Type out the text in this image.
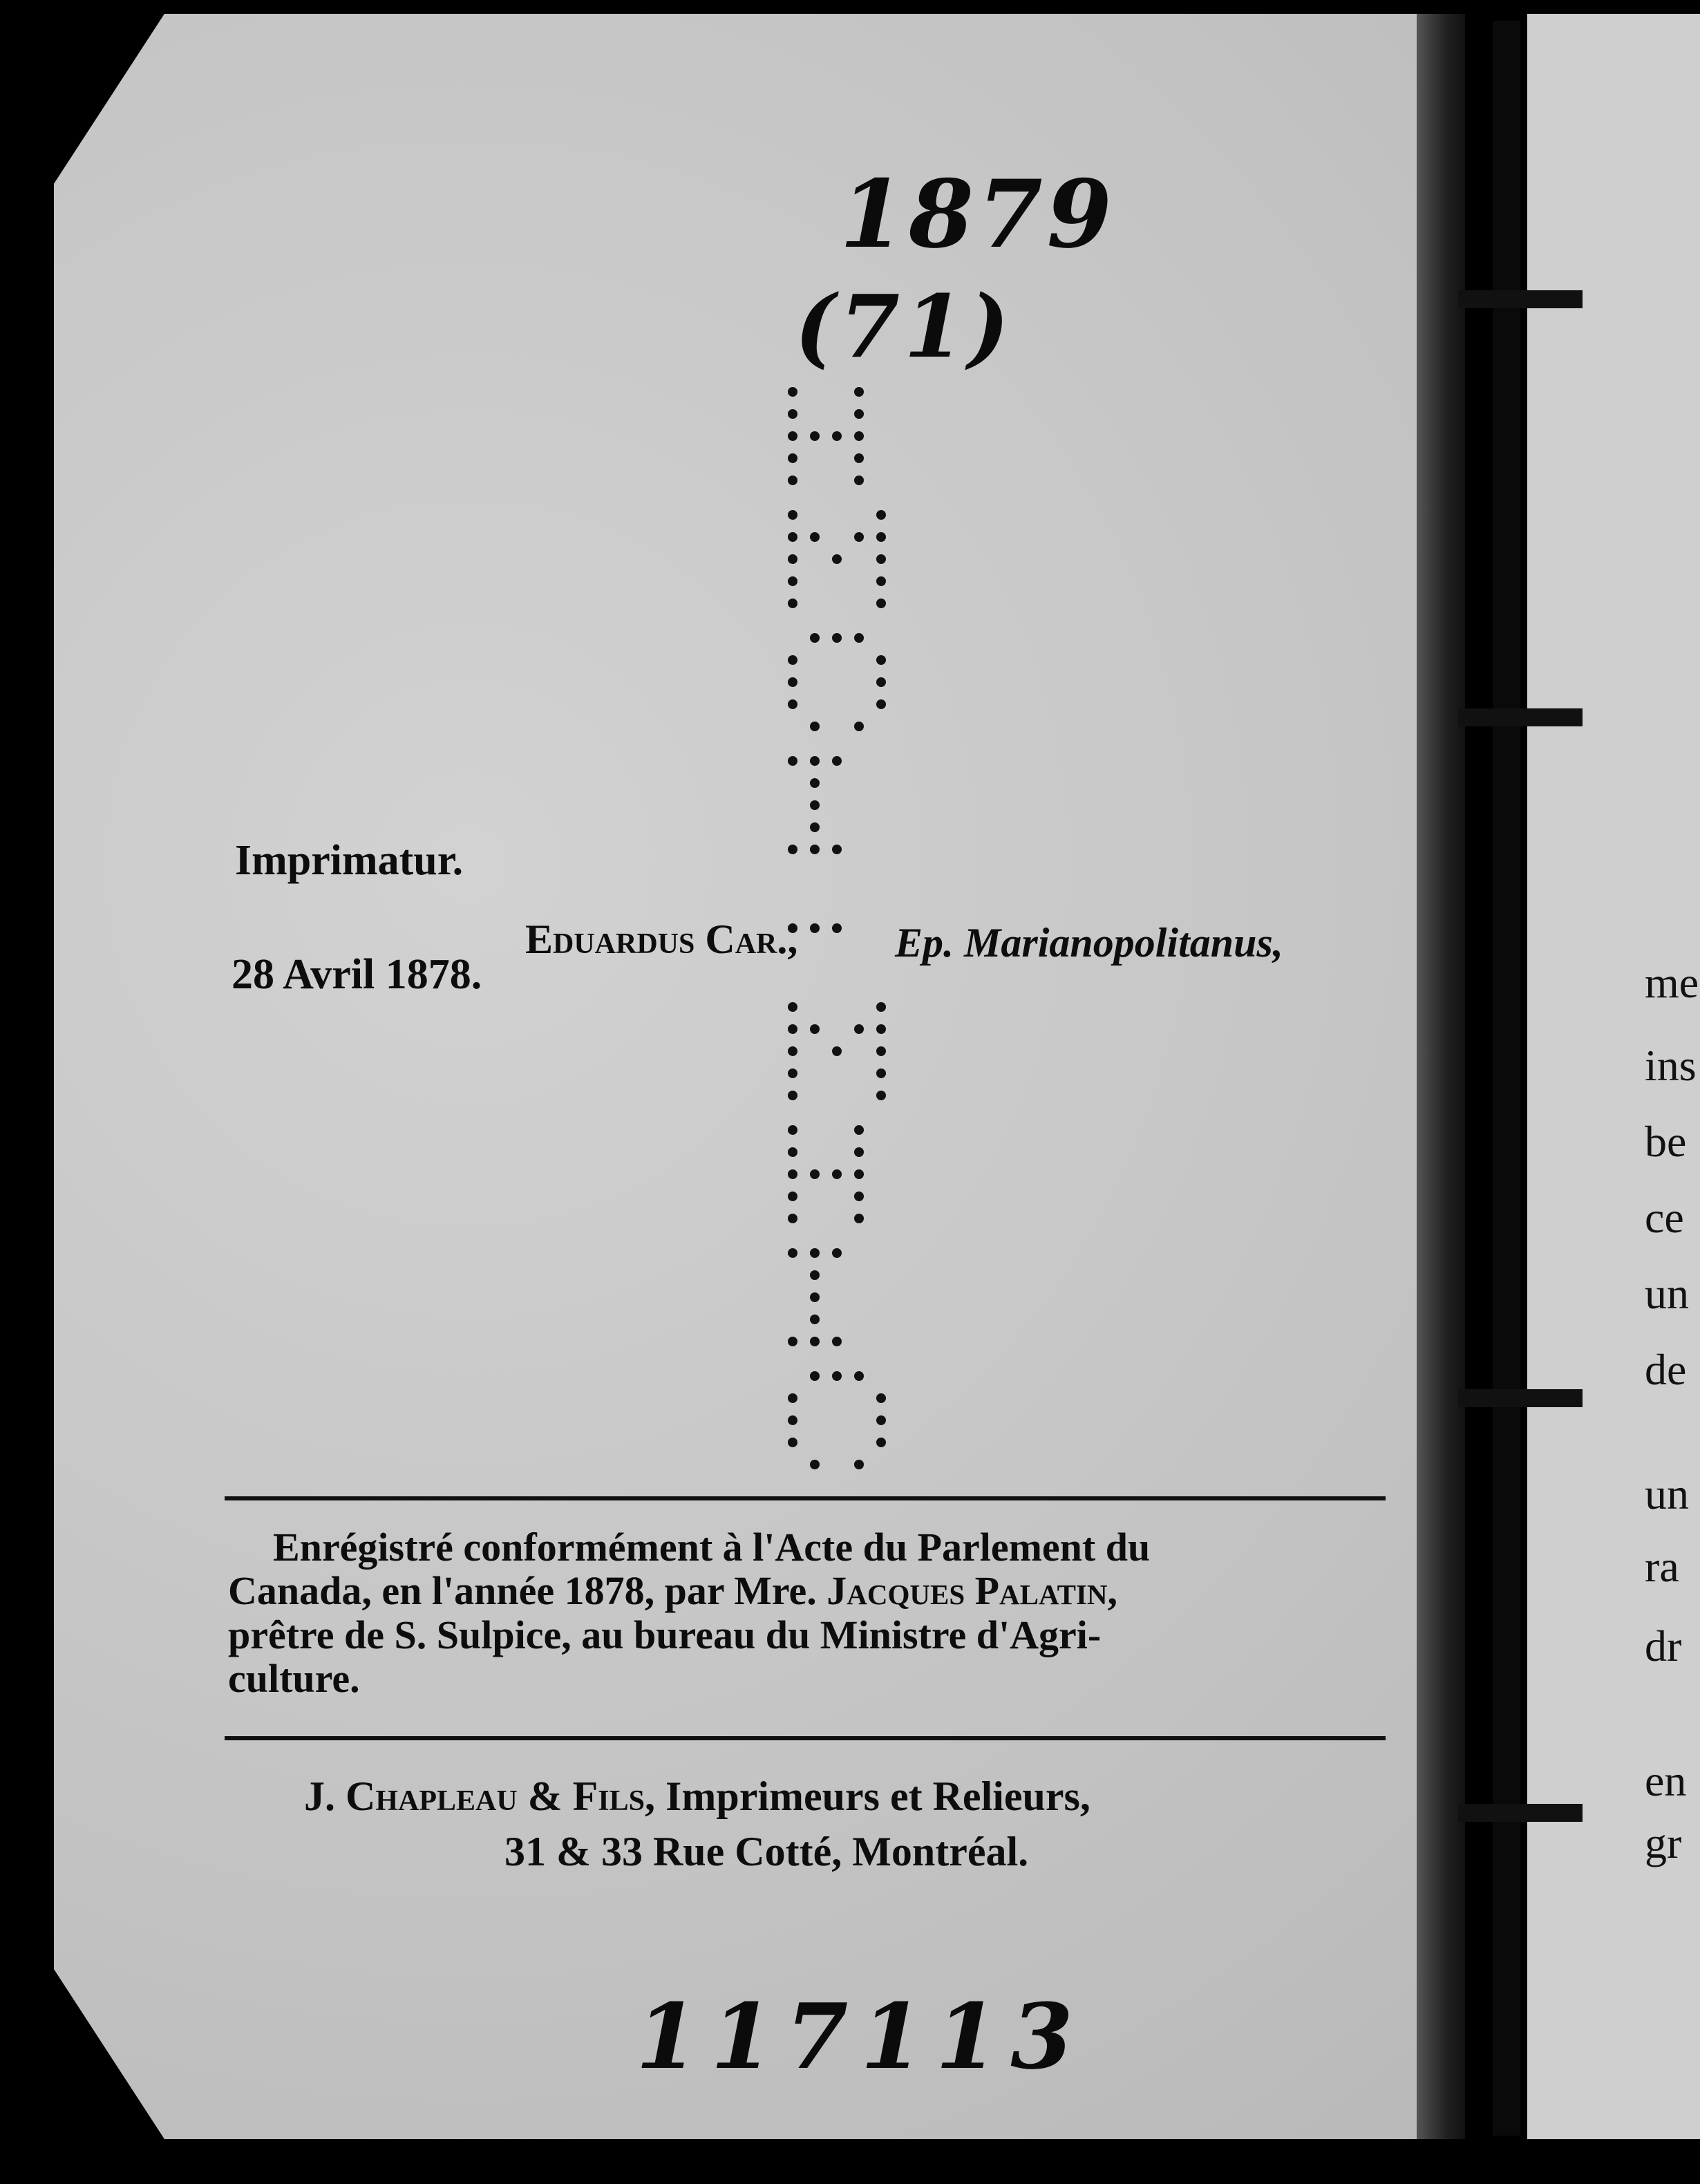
1879
(71)
117113
Imprimatur.
28 Avril 1878.
Eduardus Car., Ep. Marianopolitanus,
Enrégistré conformément à l'Acte du Parlement du
Canada, en l'année 1878, par Mre. Jacques Palatin,
prêtre de S. Sulpice, au bureau du Ministre d'Agri-
culture.
J. Chapleau & Fils, Imprimeurs et Relieurs,
31 & 33 Rue Cotté, Montréal.
me
ins
be
ce
un
de
un
ra
dr
en
gr
